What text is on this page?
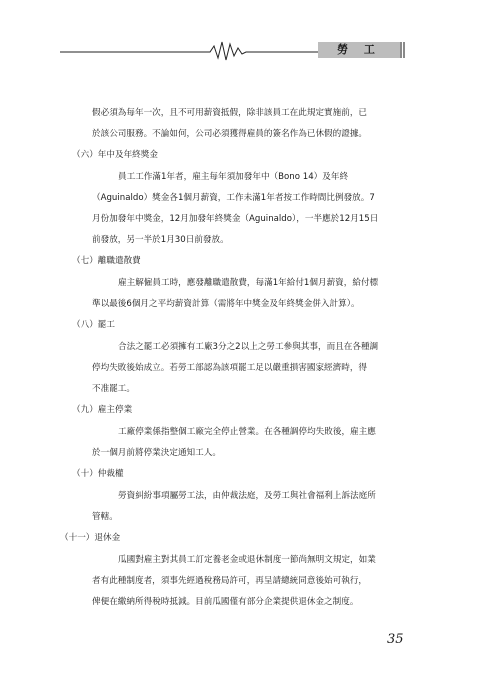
勞 工
假必須為每年一次，且不可用薪資抵假，除非該員工在此規定實施前，已
於該公司服務。不論如何，公司必須獲得雇員的簽名作為已休假的證據。
（六）年中及年終獎金
員工工作滿1年者，雇主每年須加發年中（Bono 14）及年終
（Aguinaldo）獎金各1個月薪資，工作未滿1年者按工作時間比例發放。7
月份加發年中獎金，12月加發年終獎金（Aguinaldo），一半應於12月15日
前發放，另一半於1月30日前發放。
（七）離職遣散費
雇主解僱員工時，應發離職遣散費，每滿1年給付1個月薪資，給付標
準以最後6個月之平均薪資計算（需將年中獎金及年終獎金併入計算）。
（八）罷工
合法之罷工必須擁有工廠3分之2以上之勞工參與其事，而且在各種調
停均失敗後始成立。若勞工部認為該項罷工足以嚴重損害國家經濟時，得
不准罷工。
（九）雇主停業
工廠停業係指整個工廠完全停止營業。在各種調停均失敗後，雇主應
於一個月前將停業決定通知工人。
（十）仲裁權
勞資糾紛事項屬勞工法，由仲裁法庭，及勞工與社會福利上訴法庭所
管轄。
（十一）退休金
瓜國對雇主對其員工訂定養老金或退休制度一節尚無明文規定，如業
者有此種制度者，須事先經過稅務局許可，再呈請總統同意後始可執行，
俾便在繳納所得稅時抵減。目前瓜國僅有部分企業提供退休金之制度。
35
